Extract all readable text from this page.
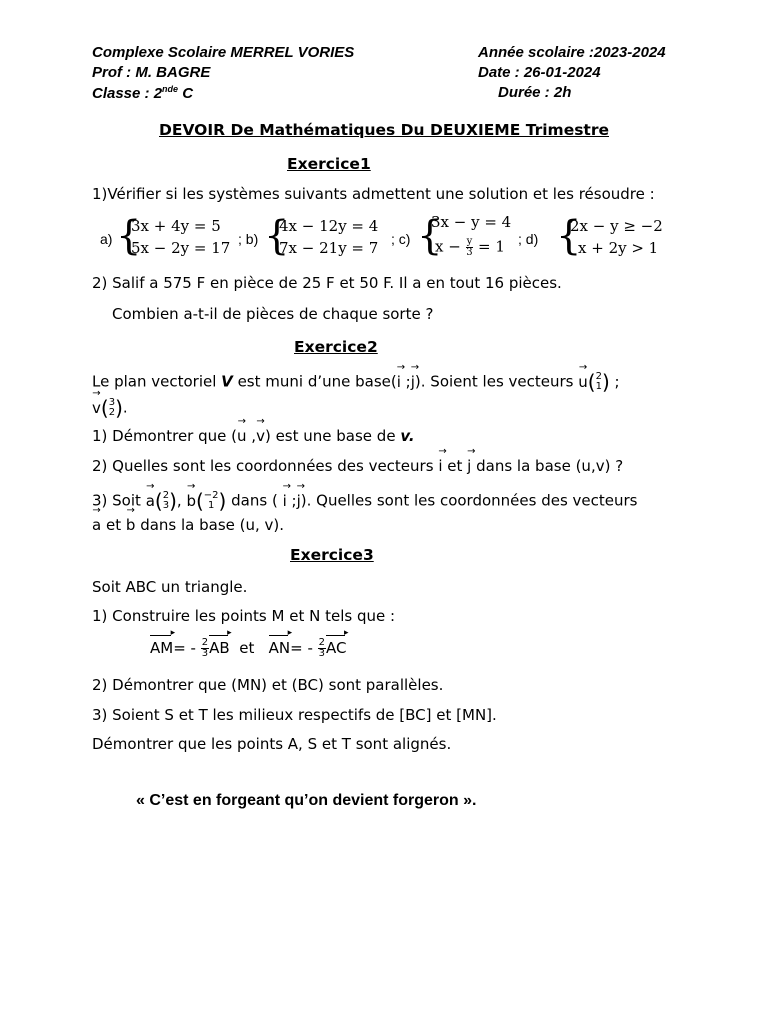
Complexe Scolaire MERREL VORIES	Année scolaire :2023-2024
Prof : M. BAGRE	Date : 26-01-2024
Classe : 2nde C	Durée : 2h
DEVOIR De Mathématiques Du DEUXIEME Trimestre
Exercice1
1)Vérifier si les systèmes suivants admettent une solution et les résoudre :
a) {
3x + 4y = 5
5x − 2y = 17 ; b) {
4x − 12y = 4
7x − 21y = 7 ; c) {
3x − y = 4
$x - \frac{y}{3} = 1$ ; d) {
2x − y ≥ −2
x + 2y > 1
2) Salif a 575 F en pièce de 25 F et 50 F. Il a en tout 16 pièces.
Combien a-t-il de pièces de chaque sorte ?
Exercice2
Le plan vectoriel V est muni d’une base(→ i ;→ j). Soient les vecteurs → u(2
1) ;
→ v(3
2).
1) Démontrer que (→ u ,→ v) est une base de v.
2) Quelles sont les coordonnées des vecteurs → i et → j dans la base (u,v) ?
3) Soit → a(2
3), → b(−2
1 ) dans ( → i ;→ j). Quelles sont les coordonnées des vecteurs
→ a et → b dans la base (u, v).
Exercice3
Soit ABC un triangle.
1) Construire les points M et N tels que :
AM ▸= - $\frac{2}{3}$ AB ▸ et AN ▸= - $\frac{2}{3}$ AC ▸
2) Démontrer que (MN) et (BC) sont parallèles.
3) Soient S et T les milieux respectifs de [BC] et [MN].
Démontrer que les points A, S et T sont alignés.
« C’est en forgeant qu’on devient forgeron ».
